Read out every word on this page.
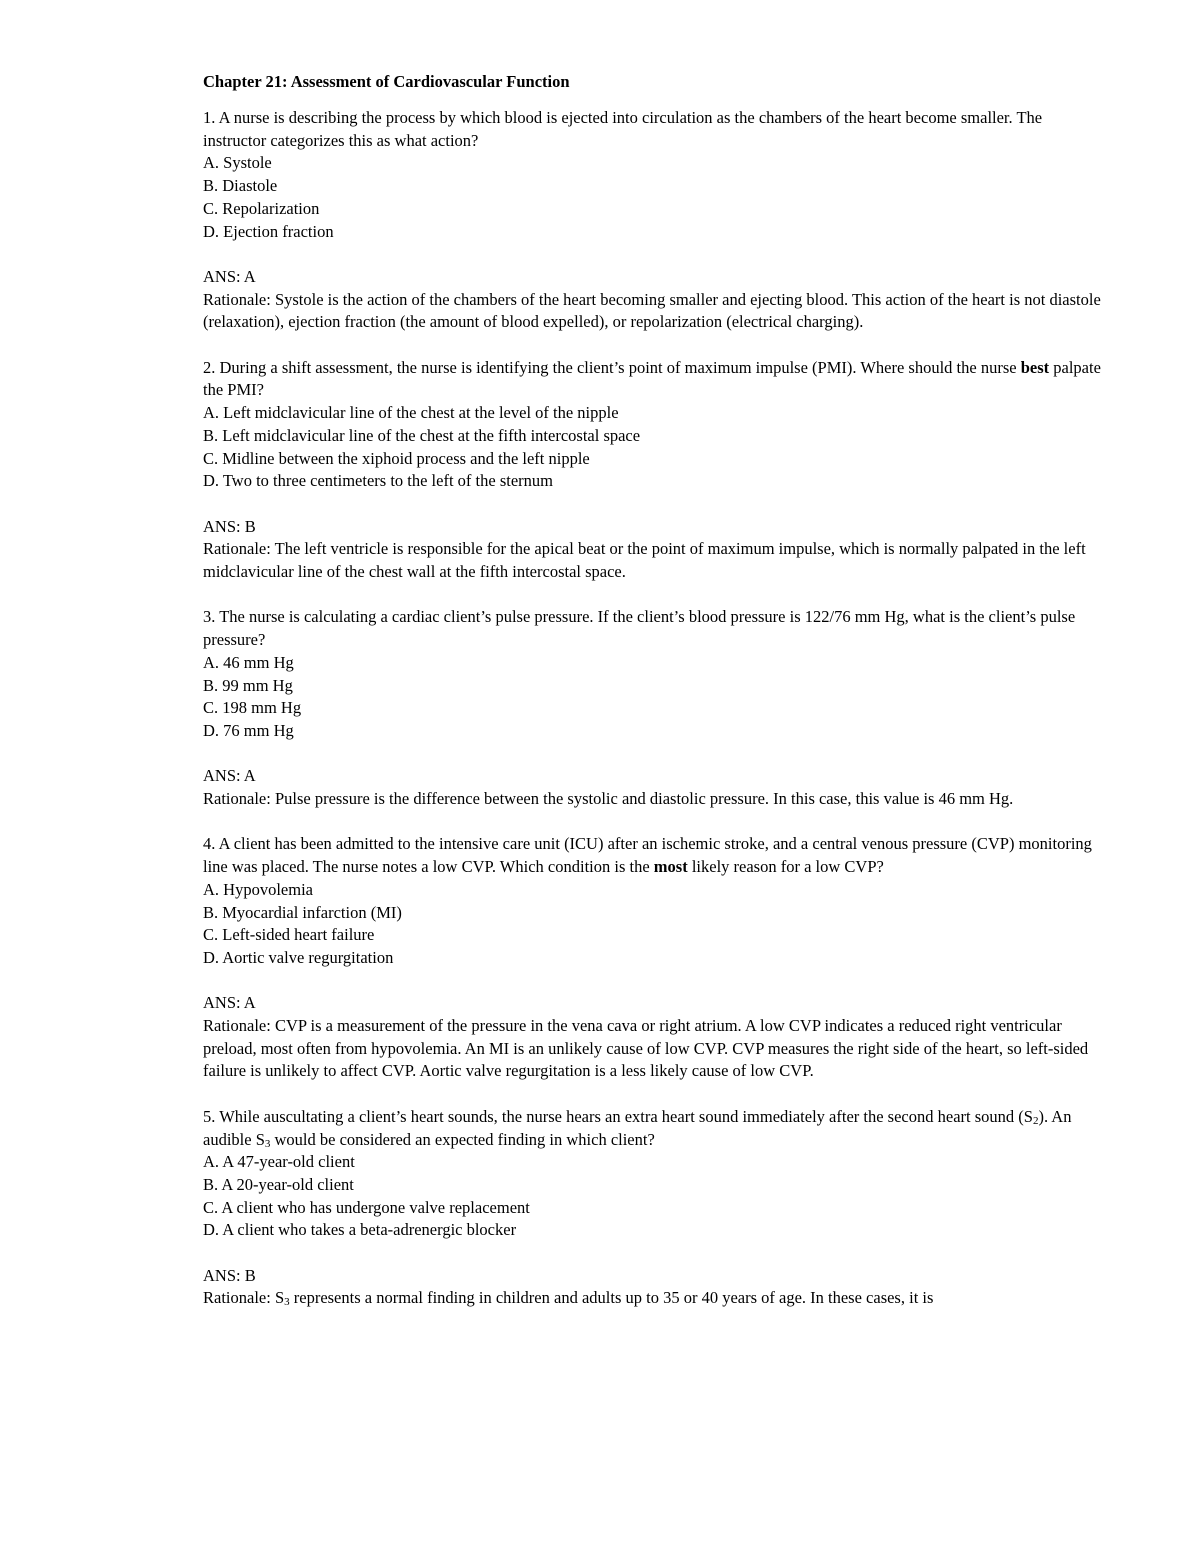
Chapter 21: Assessment of Cardiovascular Function

1. A nurse is describing the process by which blood is ejected into circulation as the chambers of the heart become smaller. The instructor categorizes this as what action?

A. Systole

B. Diastole

C. Repolarization

D. Ejection fraction

ANS: A

Rationale: Systole is the action of the chambers of the heart becoming smaller and ejecting blood. This action of the heart is not diastole (relaxation), ejection fraction (the amount of blood expelled), or repolarization (electrical charging).

2. During a shift assessment, the nurse is identifying the client’s point of maximum impulse (PMI). Where should the nurse best palpate the PMI?

A. Left midclavicular line of the chest at the level of the nipple

B. Left midclavicular line of the chest at the fifth intercostal space

C. Midline between the xiphoid process and the left nipple

D. Two to three centimeters to the left of the sternum

ANS: B

Rationale: The left ventricle is responsible for the apical beat or the point of maximum impulse, which is normally palpated in the left midclavicular line of the chest wall at the fifth intercostal space.

3. The nurse is calculating a cardiac client’s pulse pressure. If the client’s blood pressure is 122/76 mm Hg, what is the client’s pulse pressure?

A. 46 mm Hg

B. 99 mm Hg

C. 198 mm Hg

D. 76 mm Hg

ANS: A

Rationale: Pulse pressure is the difference between the systolic and diastolic pressure. In this case, this value is 46 mm Hg.

4. A client has been admitted to the intensive care unit (ICU) after an ischemic stroke, and a central venous pressure (CVP) monitoring line was placed. The nurse notes a low CVP. Which condition is the most likely reason for a low CVP?

A. Hypovolemia

B. Myocardial infarction (MI)

C. Left-sided heart failure

D. Aortic valve regurgitation

ANS: A

Rationale: CVP is a measurement of the pressure in the vena cava or right atrium. A low CVP indicates a reduced right ventricular preload, most often from hypovolemia. An MI is an unlikely cause of low CVP. CVP measures the right side of the heart, so left-sided failure is unlikely to affect CVP. Aortic valve regurgitation is a less likely cause of low CVP.

5. While auscultating a client’s heart sounds, the nurse hears an extra heart sound immediately after the second heart sound $(S_2)$. An audible $S_3$ would be considered an expected finding in which client?

A. A 47-year-old client

B. A 20-year-old client

C. A client who has undergone valve replacement

D. A client who takes a beta-adrenergic blocker

ANS: B

Rationale: $S_3$ represents a normal finding in children and adults up to 35 or 40 years of age. In these cases, it is
